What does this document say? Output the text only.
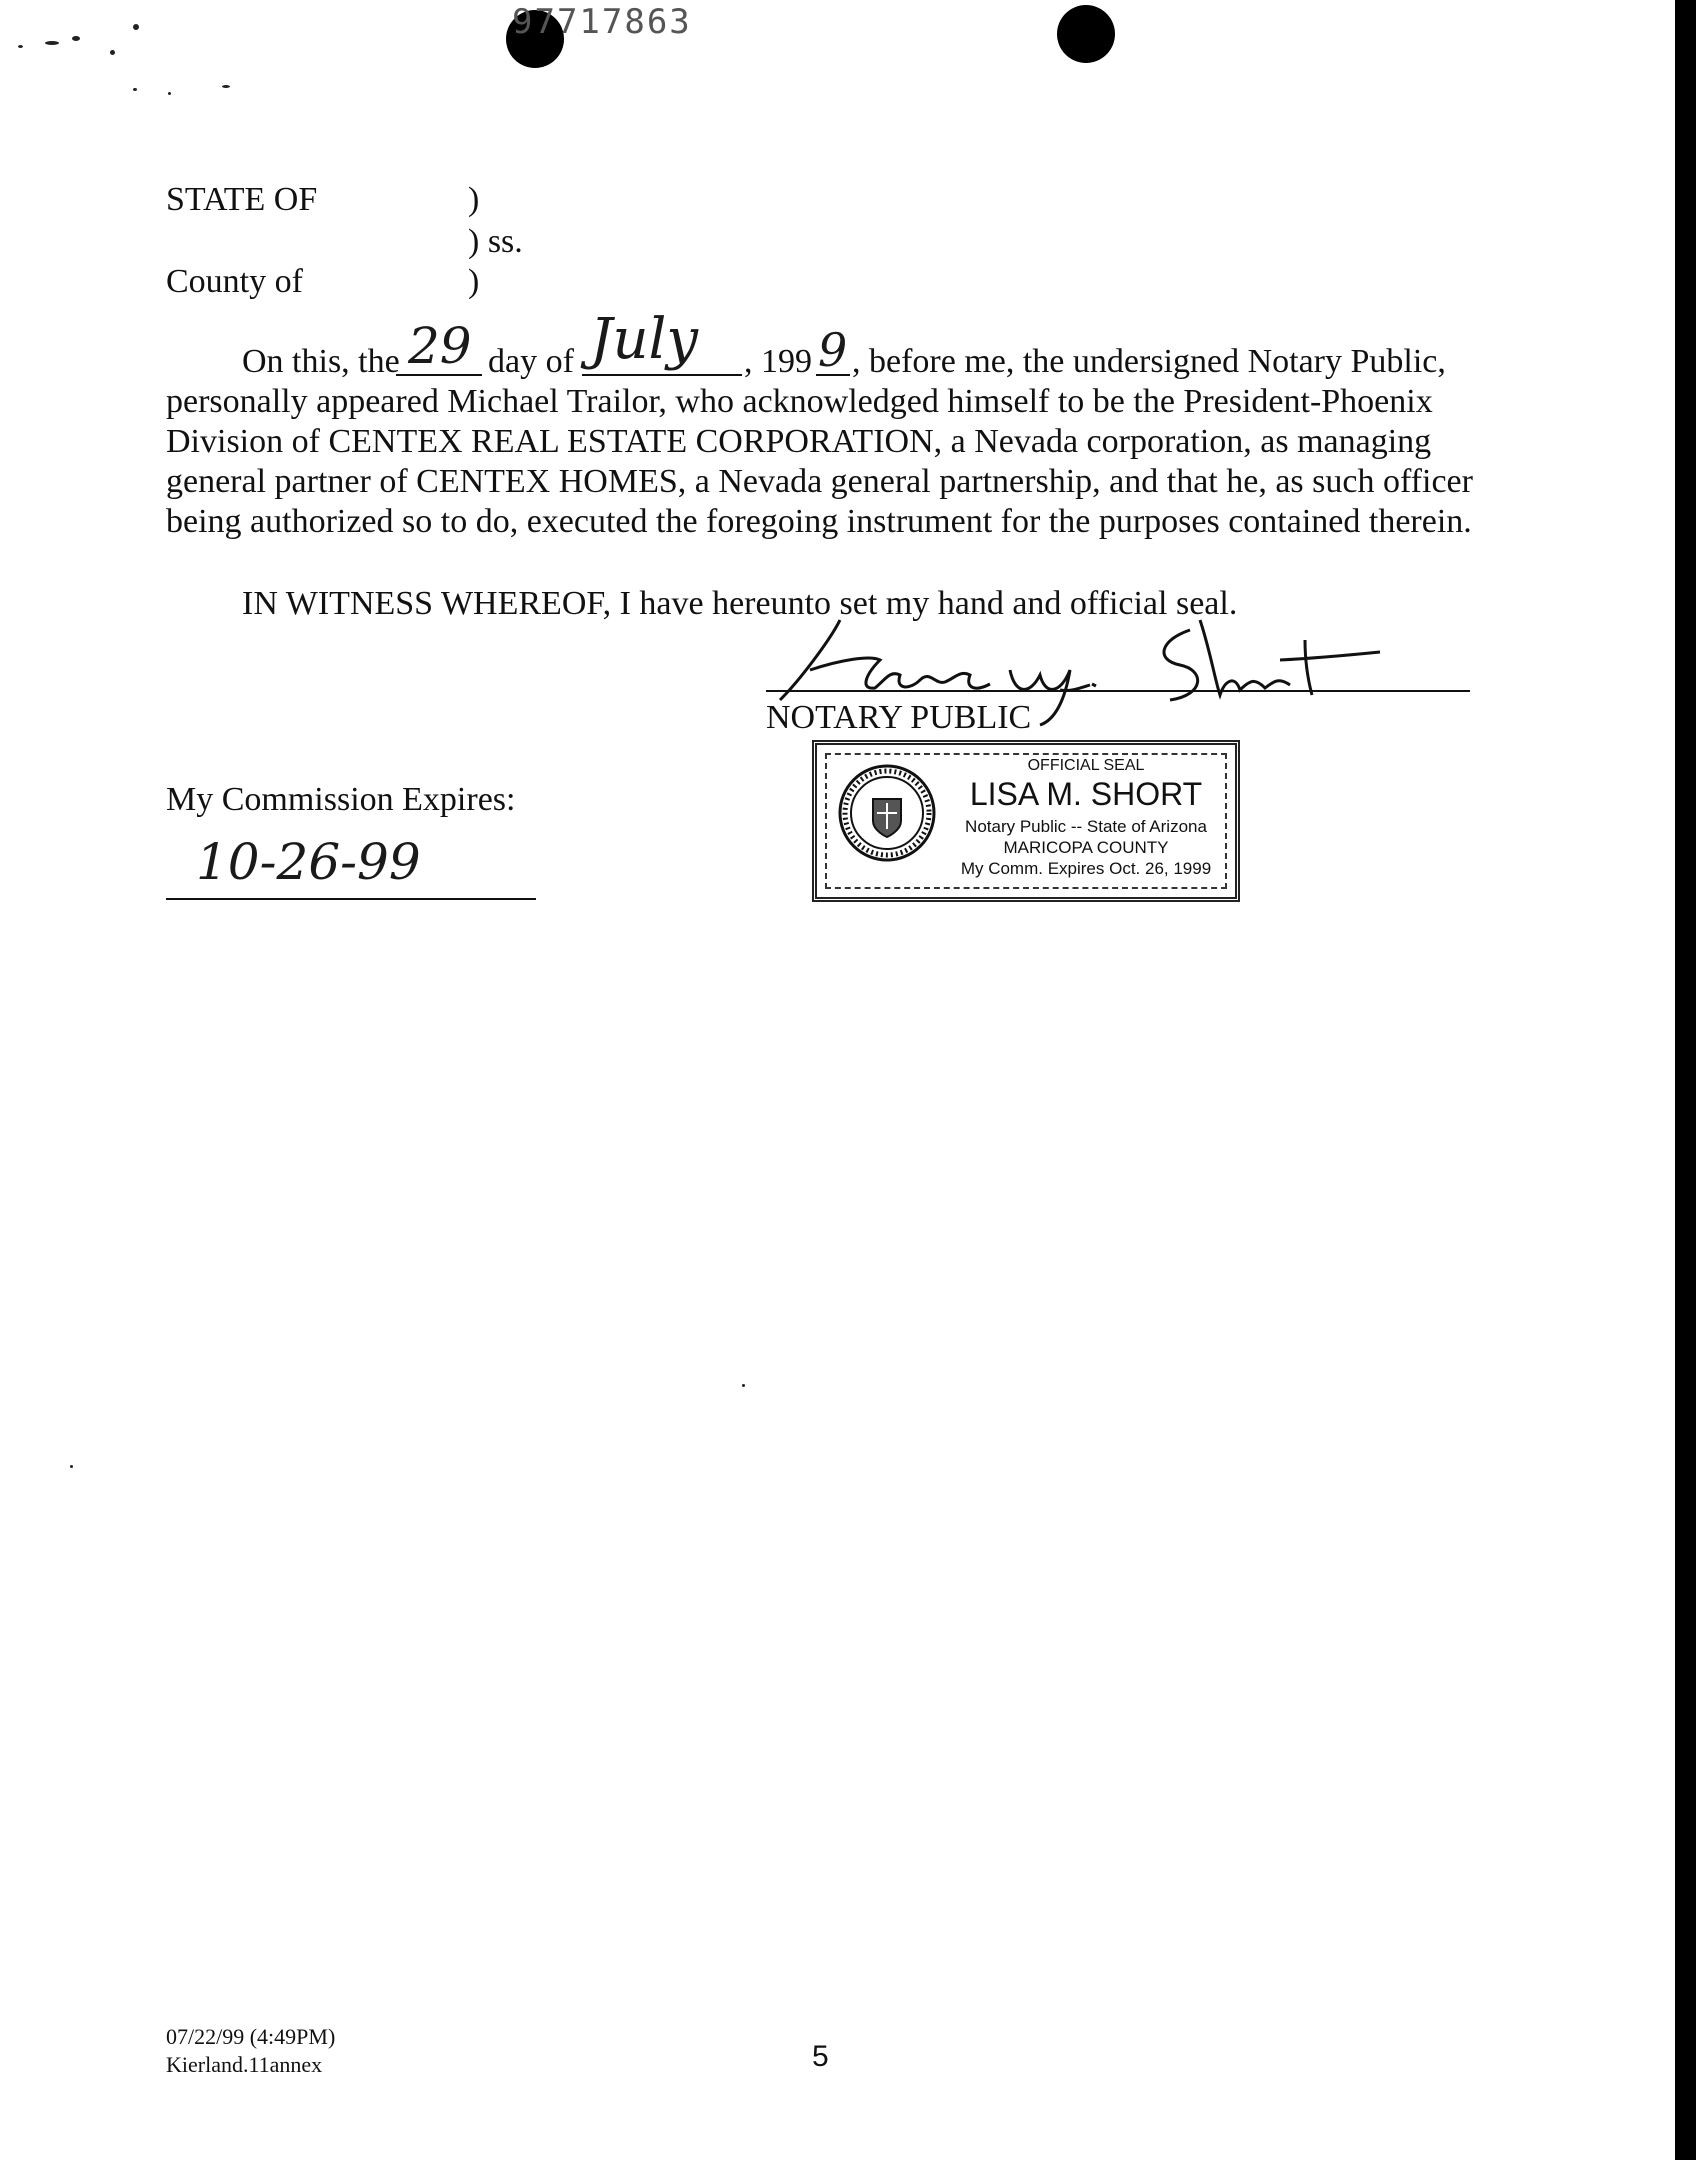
97717863
STATE OF	)
) ss.
County of	)
On this, the 29 day of July , 199 9 , before me, the undersigned Notary Public,
personally appeared Michael Trailor, who acknowledged himself to be the President-Phoenix
Division of CENTEX REAL ESTATE CORPORATION, a Nevada corporation, as managing
general partner of CENTEX HOMES, a Nevada general partnership, and that he, as such officer
being authorized so to do, executed the foregoing instrument for the purposes contained therein.
IN WITNESS WHEREOF, I have hereunto set my hand and official seal.
NOTARY PUBLIC
My Commission Expires:
10-26-99
OFFICIAL SEAL
LISA M. SHORT
Notary Public -- State of Arizona
MARICOPA COUNTY
My Comm. Expires Oct. 26, 1999
07/22/99 (4:49PM)
Kierland.11annex	5
